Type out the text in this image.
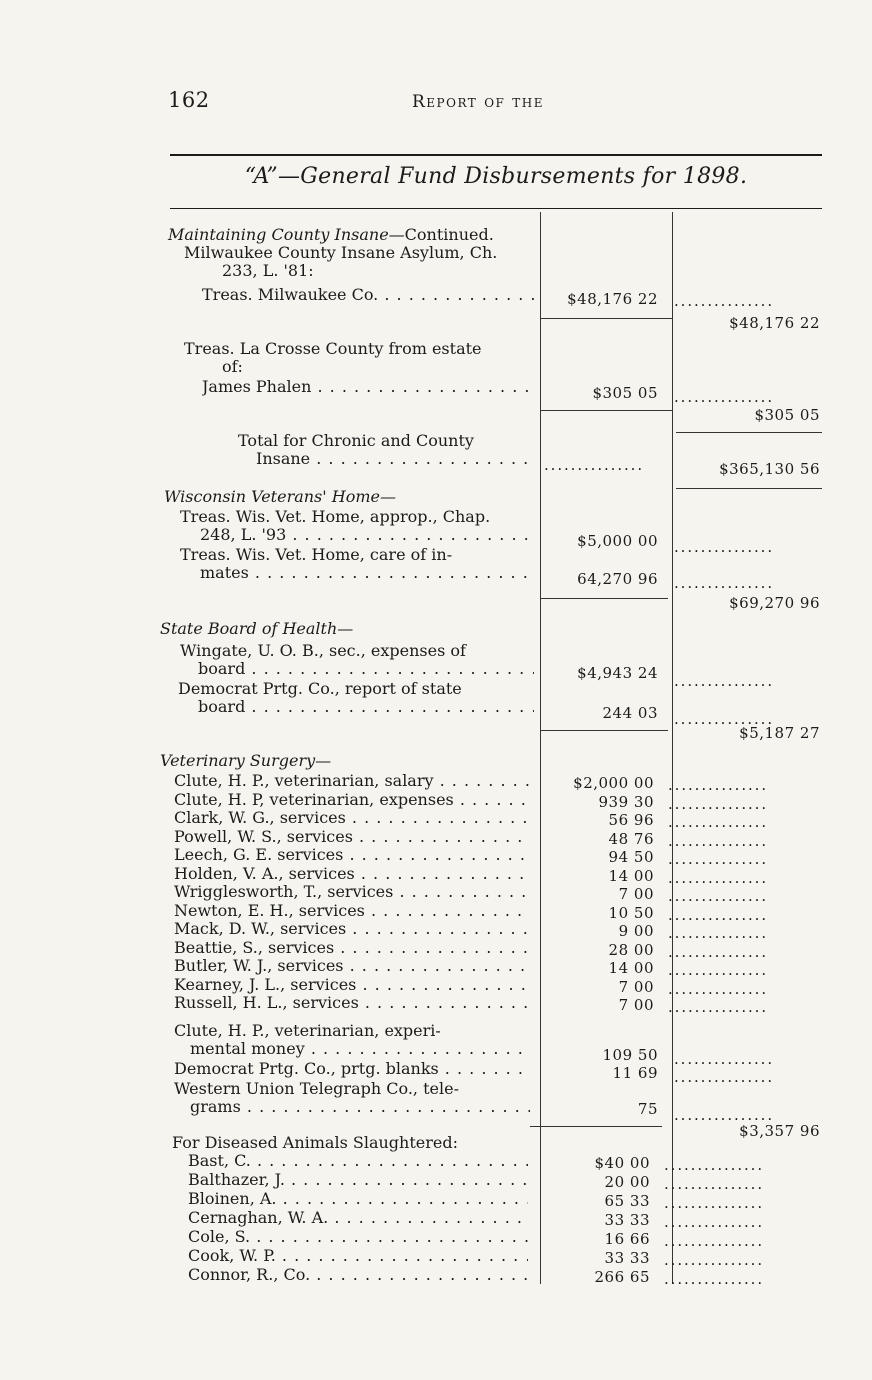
162	Report of the
“A”—General Fund Disbursements for 1898.
Maintaining County Insane—Continued.
Milwaukee County Insane Asylum, Ch.
233, L. '81:
Treas. Milwaukee Co. . . .	$48,176 22 ...............
$48,176 22
Treas. La Crosse County from estate
of:
James Phalen . . .	$305 05 ...............
$305 05
Total for Chronic and County
Insane . . .	...............	$365,130 56
Wisconsin Veterans' Home—
Treas. Wis. Vet. Home, approp., Chap.
248, L. '93 . . .	$5,000 00 ...............
Treas. Wis. Vet. Home, care of in-
mates . . .	64,270 96 ...............
$69,270 96
State Board of Health—
Wingate, U. O. B., sec., expenses of
board . . .	$4,943 24 ...............
Democrat Prtg. Co., report of state
board . . .	244 03 ...............
$5,187 27
Veterinary Surgery—
Clute, H. P., veterinarian, salary . . .	$2,000 00 ...............
Clute, H. P, veterinarian, expenses . . .	939 30 ...............
Clark, W. G., services . . .	56 96 ...............
Powell, W. S., services . . .	48 76 ...............
Leech, G. E. services . . .	94 50 ...............
Holden, V. A., services . . .	14 00 ...............
Wrigglesworth, T., services . . .	7 00 ...............
Newton, E. H., services . . .	10 50 ...............
Mack, D. W., services . . .	9 00 ...............
Beattie, S., services . . .	28 00 ...............
Butler, W. J., services . . .	14 00 ...............
Kearney, J. L., services . . .	7 00 ...............
Russell, H. L., services . . .	7 00 ...............
Clute, H. P., veterinarian, experi-
mental money . . .	109 50 ...............
Democrat Prtg. Co., prtg. blanks . . .	11 69 ...............
Western Union Telegraph Co., tele-
grams . . .	75 ...............
$3,357 96
For Diseased Animals Slaughtered:
Bast, C. . . .	$40 00 ...............
Balthazer, J. . . .	20 00 ...............
Bloinen, A. . . .	65 33 ...............
Cernaghan, W. A. . . .	33 33 ...............
Cole, S. . . .	16 66 ...............
Cook, W. P. . . .	33 33 ...............
Connor, R., Co. . . .	266 65 ...............
